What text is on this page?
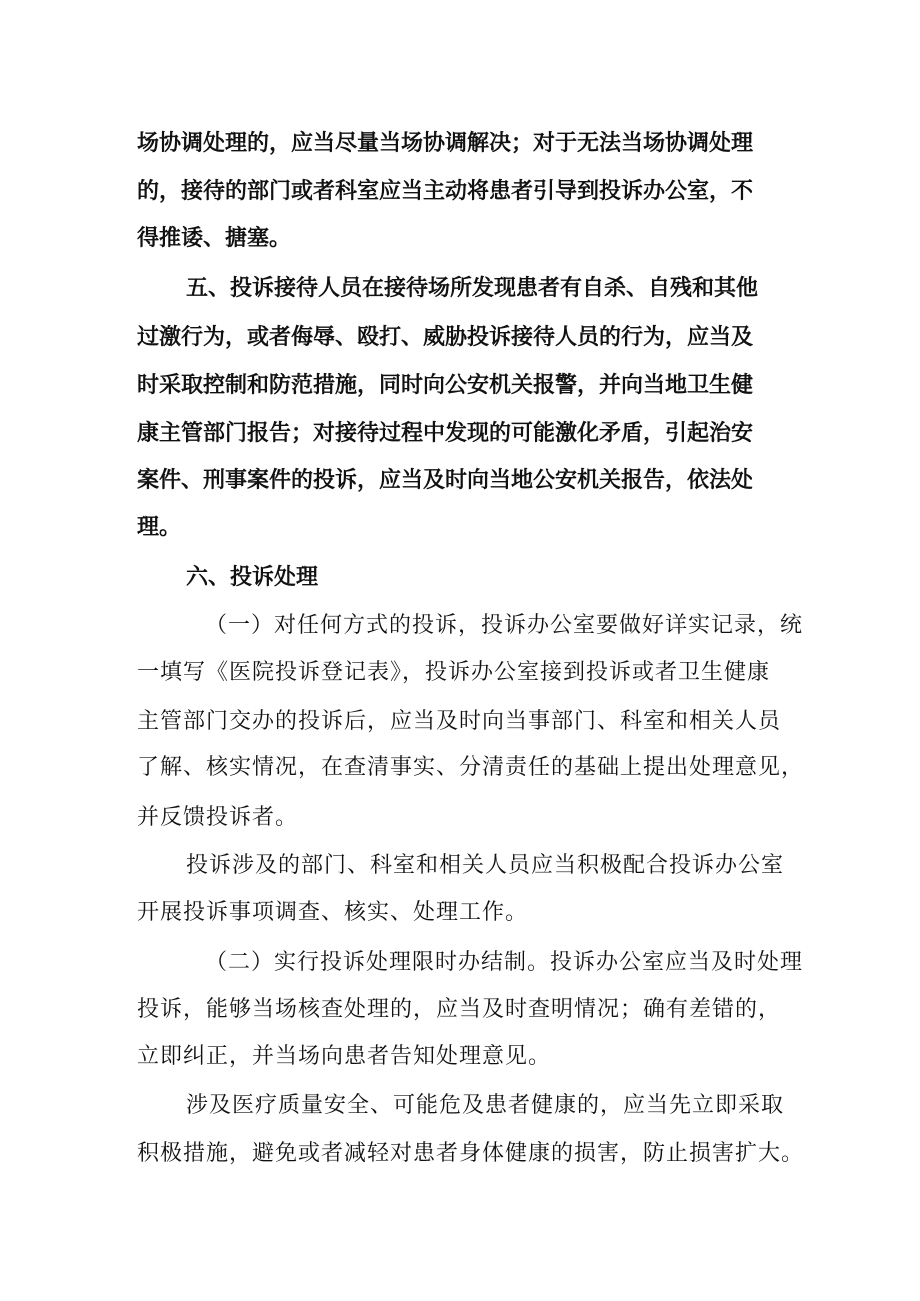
场协调处理的，应当尽量当场协调解决；对于无法当场协调处理
的，接待的部门或者科室应当主动将患者引导到投诉办公室，不
得推诿、搪塞。
五、投诉接待人员在接待场所发现患者有自杀、自残和其他
过激行为，或者侮辱、殴打、威胁投诉接待人员的行为，应当及
时采取控制和防范措施，同时向公安机关报警，并向当地卫生健
康主管部门报告；对接待过程中发现的可能激化矛盾，引起治安
案件、刑事案件的投诉，应当及时向当地公安机关报告，依法处
理。
六、投诉处理
（一）对任何方式的投诉，投诉办公室要做好详实记录，统
一填写《医院投诉登记表》，投诉办公室接到投诉或者卫生健康
主管部门交办的投诉后，应当及时向当事部门、科室和相关人员
了解、核实情况，在查清事实、分清责任的基础上提出处理意见，
并反馈投诉者。
投诉涉及的部门、科室和相关人员应当积极配合投诉办公室
开展投诉事项调查、核实、处理工作。
（二）实行投诉处理限时办结制。投诉办公室应当及时处理
投诉，能够当场核查处理的，应当及时查明情况；确有差错的，
立即纠正，并当场向患者告知处理意见。
涉及医疗质量安全、可能危及患者健康的，应当先立即采取
积极措施，避免或者减轻对患者身体健康的损害，防止损害扩大。
